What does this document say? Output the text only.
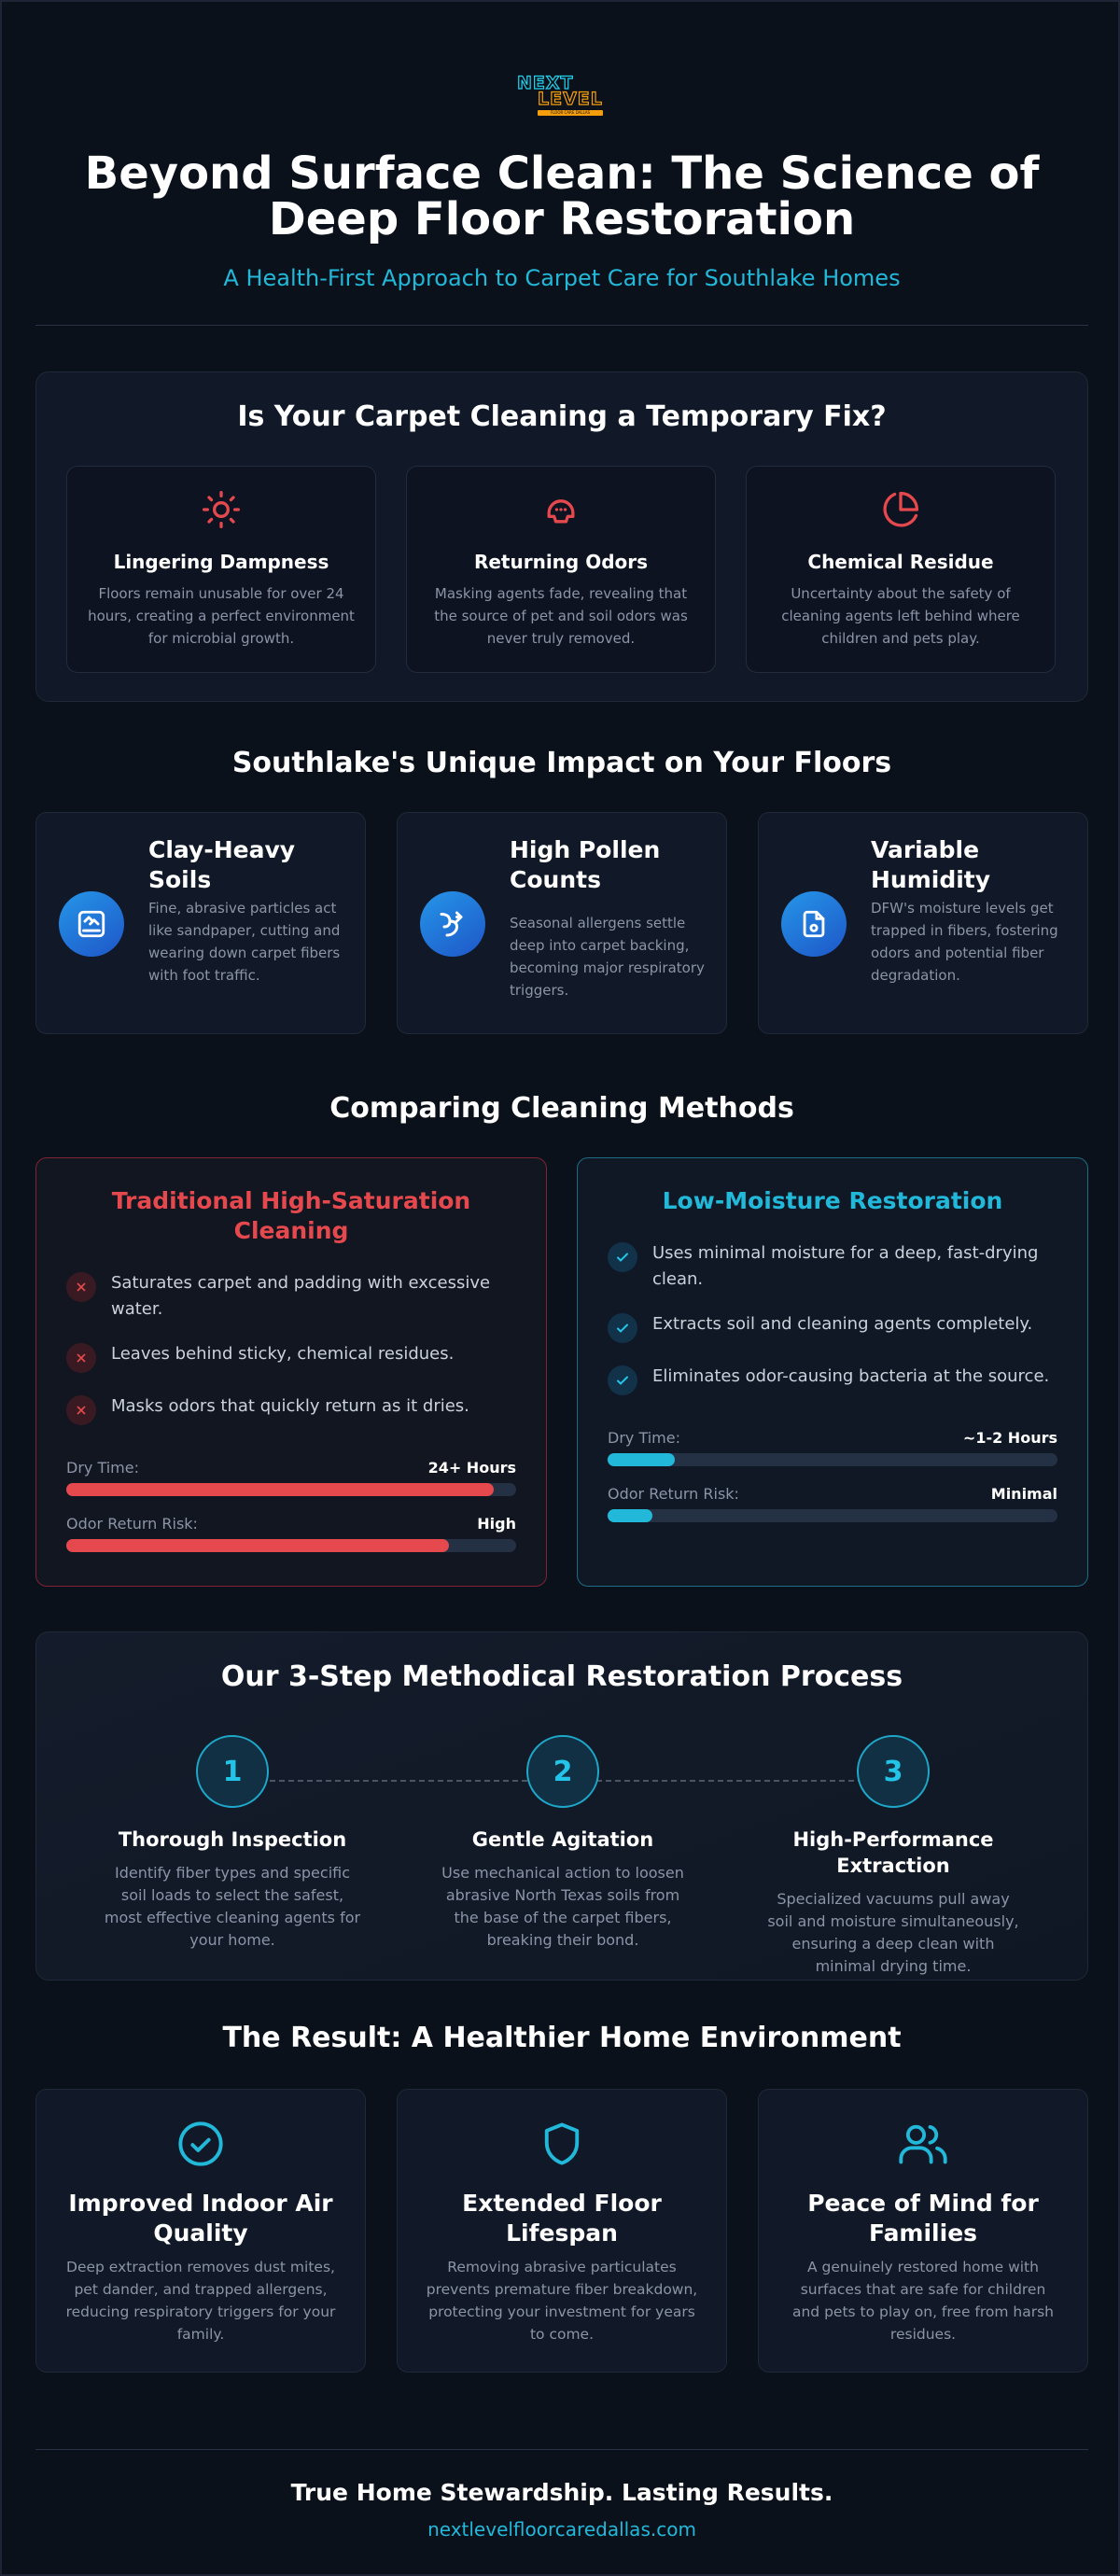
NEXT
LEVEL
FLOOR CARE DALLAS
Beyond Surface Clean: The Science of Deep Floor Restoration
A Health-First Approach to Carpet Care for Southlake Homes
Is Your Carpet Cleaning a Temporary Fix?
Lingering Dampness
Floors remain unusable for over 24 hours, creating a perfect environment for microbial growth.
Returning Odors
Masking agents fade, revealing that the source of pet and soil odors was never truly removed.
Chemical Residue
Uncertainty about the safety of cleaning agents left behind where children and pets play.
Southlake's Unique Impact on Your Floors
Clay-Heavy Soils
Fine, abrasive particles act like sandpaper, cutting and wearing down carpet fibers with foot traffic.
High Pollen Counts
Seasonal allergens settle deep into carpet backing, becoming major respiratory triggers.
Variable Humidity
DFW's moisture levels get trapped in fibers, fostering odors and potential fiber degradation.
Comparing Cleaning Methods
Traditional High-Saturation Cleaning
Saturates carpet and padding with excessive water.
Leaves behind sticky, chemical residues.
Masks odors that quickly return as it dries.
Dry Time:	24+ Hours
Odor Return Risk:	High
Low-Moisture Restoration
Uses minimal moisture for a deep, fast-drying clean.
Extracts soil and cleaning agents completely.
Eliminates odor-causing bacteria at the source.
Dry Time:	~1-2 Hours
Odor Return Risk:	Minimal
Our 3-Step Methodical Restoration Process
1
Thorough Inspection
Identify fiber types and specific soil loads to select the safest, most effective cleaning agents for your home.
2
Gentle Agitation
Use mechanical action to loosen abrasive North Texas soils from the base of the carpet fibers, breaking their bond.
3
High-Performance Extraction
Specialized vacuums pull away soil and moisture simultaneously, ensuring a deep clean with minimal drying time.
The Result: A Healthier Home Environment
Improved Indoor Air Quality
Deep extraction removes dust mites, pet dander, and trapped allergens, reducing respiratory triggers for your family.
Extended Floor Lifespan
Removing abrasive particulates prevents premature fiber breakdown, protecting your investment for years to come.
Peace of Mind for Families
A genuinely restored home with surfaces that are safe for children and pets to play on, free from harsh residues.
True Home Stewardship. Lasting Results.
nextlevelfloorcaredallas.com
